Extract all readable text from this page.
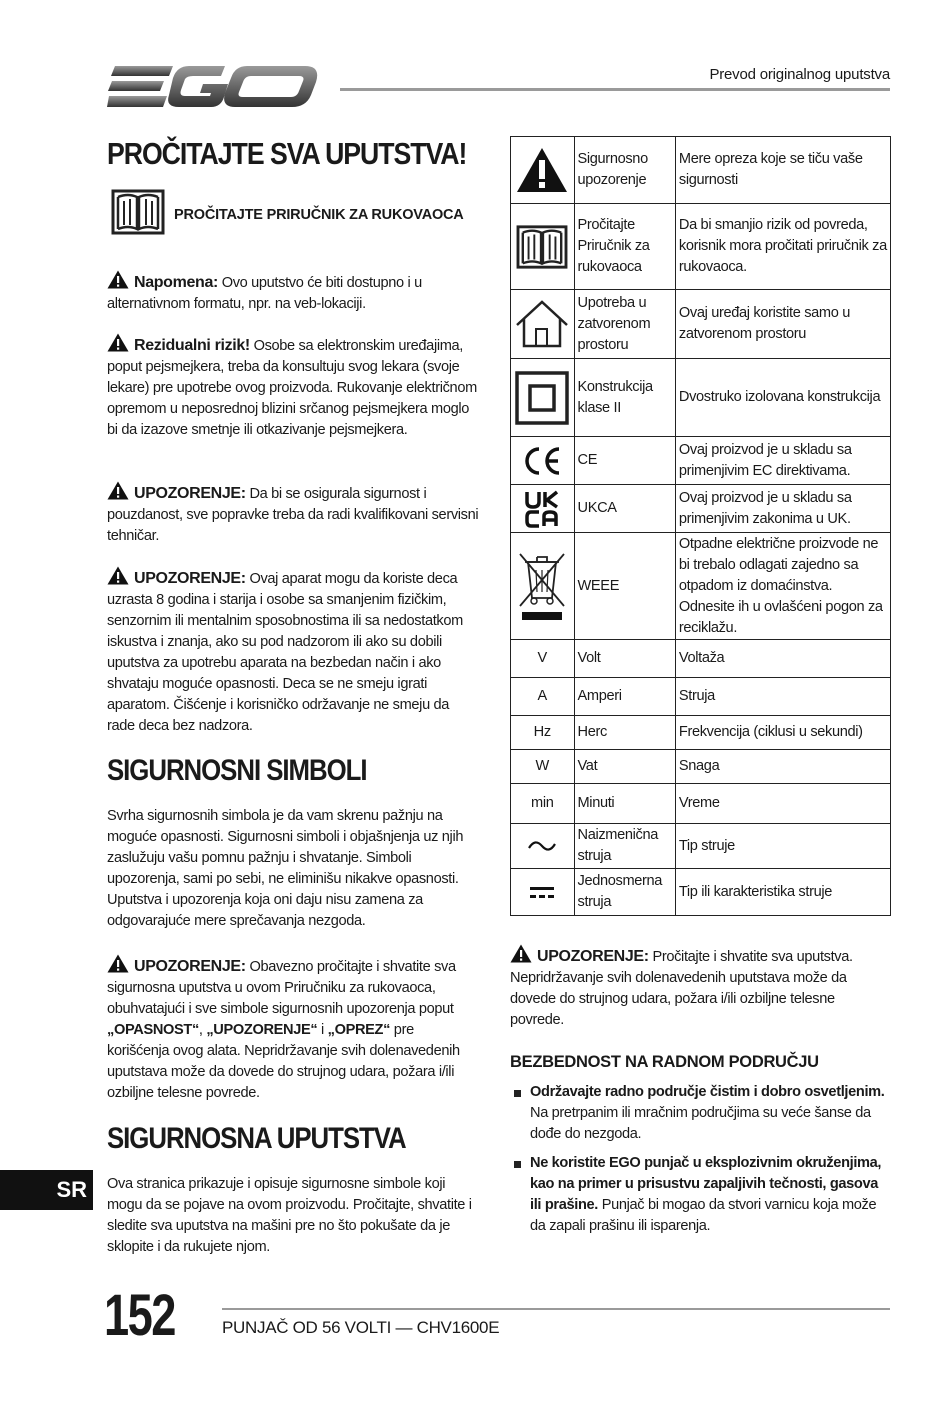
Prevod originalnog uputstva
PROČITAJTE SVA UPUTSTVA!
PROČITAJTE PRIRUČNIK ZA RUKOVAOCA
Napomena: Ovo uputstvo će biti dostupno i u alternativnom formatu, npr. na veb-lokaciji.
Rezidualni rizik! Osobe sa elektronskim uređajima, poput pejsmejkera, treba da konsultuju svog lekara (svoje lekare) pre upotrebe ovog proizvoda. Rukovanje električnom opremom u neposrednoj blizini srčanog pejsmejkera moglo bi da izazove smetnje ili otkazivanje pejsmejkera.
UPOZORENJE: Da bi se osigurala sigurnost i pouzdanost, sve popravke treba da radi kvalifikovani servisni tehničar.
UPOZORENJE: Ovaj aparat mogu da koriste deca uzrasta 8 godina i starija i osobe sa smanjenim fizičkim, senzornim ili mentalnim sposobnostima ili sa nedostatkom iskustva i znanja, ako su pod nadzorom ili ako su dobili uputstva za upotrebu aparata na bezbedan način i ako shvataju moguće opasnosti. Deca se ne smeju igrati aparatom. Čišćenje i korisničko održavanje ne smeju da rade deca bez nadzora.
SIGURNOSNI SIMBOLI
Svrha sigurnosnih simbola je da vam skrenu pažnju na moguće opasnosti. Sigurnosni simboli i objašnjenja uz njih zaslužuju vašu pomnu pažnju i shvatanje. Simboli upozorenja, sami po sebi, ne eliminišu nikakve opasnosti. Uputstva i upozorenja koja oni daju nisu zamena za odgovarajuće mere sprečavanja nezgoda.
UPOZORENJE: Obavezno pročitajte i shvatite sva sigurnosna uputstva u ovom Priručniku za rukovaoca, obuhvatajući i sve simbole sigurnosnih upozorenja poput „OPASNOST“, „UPOZORENJE“ i „OPREZ“ pre korišćenja ovog alata. Nepridržavanje svih dolenavedenih uputstava može da dovede do strujnog udara, požara i/ili ozbiljne telesne povrede.
SIGURNOSNA UPUTSTVA
Ova stranica prikazuje i opisuje sigurnosne simbole koji mogu da se pojave na ovom proizvodu. Pročitajte, shvatite i sledite sva uputstva na mašini pre no što pokušate da je sklopite i da rukujete njom.
SR
152	PUNJAČ OD 56 VOLTI — CHV1600E
	Sigurnosno upozorenje	Mere opreza koje se tiču vaše sigurnosti

	Pročitajte Priručnik za rukovaoca	Da bi smanjio rizik od povreda, korisnik mora pročitati priručnik za rukovaoca.

	Upotreba u zatvorenom prostoru	Ovaj uređaj koristite samo u zatvorenom prostoru

	Konstrukcija klase II	Dvostruko izolovana konstrukcija

	CE	Ovaj proizvod je u skladu sa primenjivim EC direktivama.

	UKCA	Ovaj proizvod je u skladu sa primenjivim zakonima u UK.

	WEEE	Otpadne električne proizvode ne bi trebalo odlagati zajedno sa otpadom iz domaćinstva. Odnesite ih u ovlašćeni pogon za reciklažu.
V	Volt	Voltaža
A	Amperi	Struja
Hz	Herc	Frekvencija (ciklusi u sekundi)
W	Vat	Snaga
min	Minuti	Vreme

	Naizmenična struja	Tip struje

	Jednosmerna struja	Tip ili karakteristika struje
UPOZORENJE: Pročitajte i shvatite sva uputstva. Nepridržavanje svih dolenavedenih uputstava može da dovede do strujnog udara, požara i/ili ozbiljne telesne povrede.
BEZBEDNOST NA RADNOM PODRUČJU
Održavajte radno područje čistim i dobro osvetljenim. Na pretrpanim ili mračnim područjima su veće šanse da dođe do nezgoda.
Ne koristite EGO punjač u eksplozivnim okruženjima, kao na primer u prisustvu zapaljivih tečnosti, gasova ili prašine. Punjač bi mogao da stvori varnicu koja može da zapali prašinu ili isparenja.
